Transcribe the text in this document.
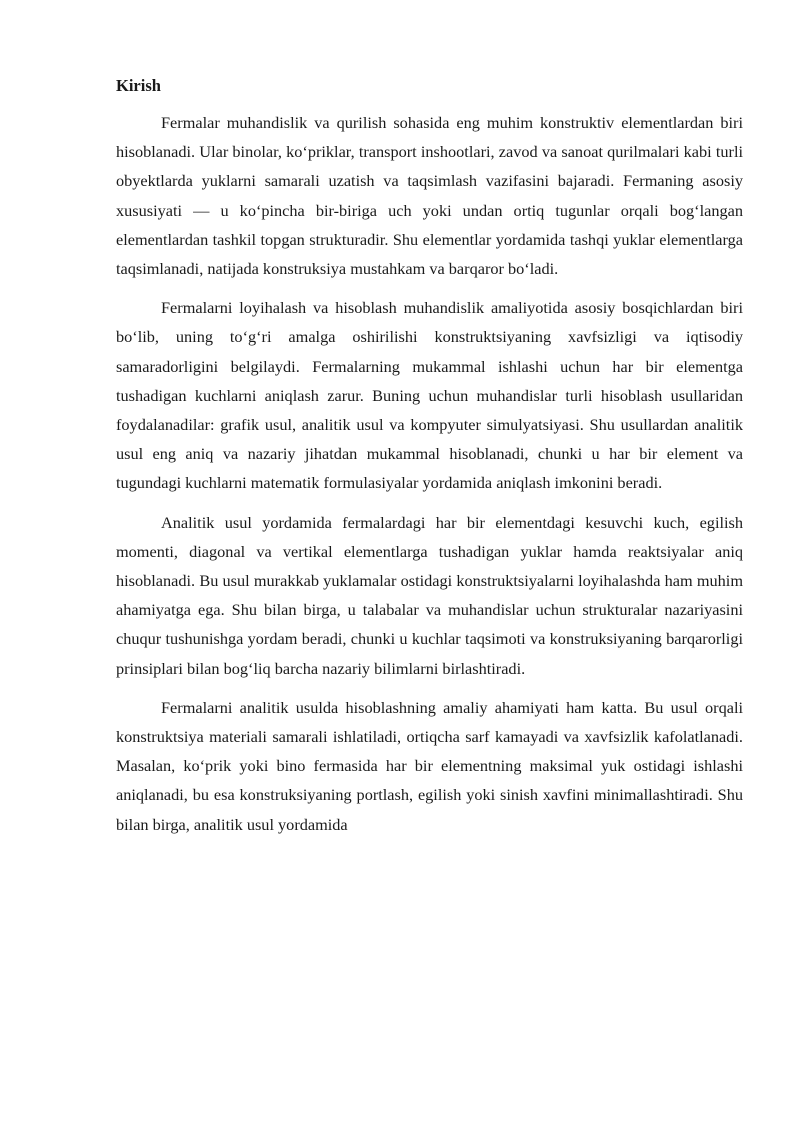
Kirish

Fermalar muhandislik va qurilish sohasida eng muhim konstruktiv elementlardan biri hisoblanadi. Ular binolar, ko‘priklar, transport inshootlari, zavod va sanoat qurilmalari kabi turli obyektlarda yuklarni samarali uzatish va taqsimlash vazifasini bajaradi. Fermaning asosiy xususiyati — u ko‘pincha bir-biriga uch yoki undan ortiq tugunlar orqali bog‘langan elementlardan tashkil topgan strukturadir. Shu elementlar yordamida tashqi yuklar elementlarga taqsimlanadi, natijada konstruksiya mustahkam va barqaror bo‘ladi.

Fermalarni loyihalash va hisoblash muhandislik amaliyotida asosiy bosqichlardan biri bo‘lib, uning to‘g‘ri amalga oshirilishi konstruktsiyaning xavfsizligi va iqtisodiy samaradorligini belgilaydi. Fermalarning mukammal ishlashi uchun har bir elementga tushadigan kuchlarni aniqlash zarur. Buning uchun muhandislar turli hisoblash usullaridan foydalanadilar: grafik usul, analitik usul va kompyuter simulyatsiyasi. Shu usullardan analitik usul eng aniq va nazariy jihatdan mukammal hisoblanadi, chunki u har bir element va tugundagi kuchlarni matematik formulasiyalar yordamida aniqlash imkonini beradi.

Analitik usul yordamida fermalardagi har bir elementdagi kesuvchi kuch, egilish momenti, diagonal va vertikal elementlarga tushadigan yuklar hamda reaktsiyalar aniq hisoblanadi. Bu usul murakkab yuklamalar ostidagi konstruktsiyalarni loyihalashda ham muhim ahamiyatga ega. Shu bilan birga, u talabalar va muhandislar uchun strukturalar nazariyasini chuqur tushunishga yordam beradi, chunki u kuchlar taqsimoti va konstruksiyaning barqarorligi prinsiplari bilan bog‘liq barcha nazariy bilimlarni birlashtiradi.

Fermalarni analitik usulda hisoblashning amaliy ahamiyati ham katta. Bu usul orqali konstruktsiya materiali samarali ishlatiladi, ortiqcha sarf kamayadi va xavfsizlik kafolatlanadi. Masalan, ko‘prik yoki bino fermasida har bir elementning maksimal yuk ostidagi ishlashi aniqlanadi, bu esa konstruksiyaning portlash, egilish yoki sinish xavfini minimallashtiradi. Shu bilan birga, analitik usul yordamida
